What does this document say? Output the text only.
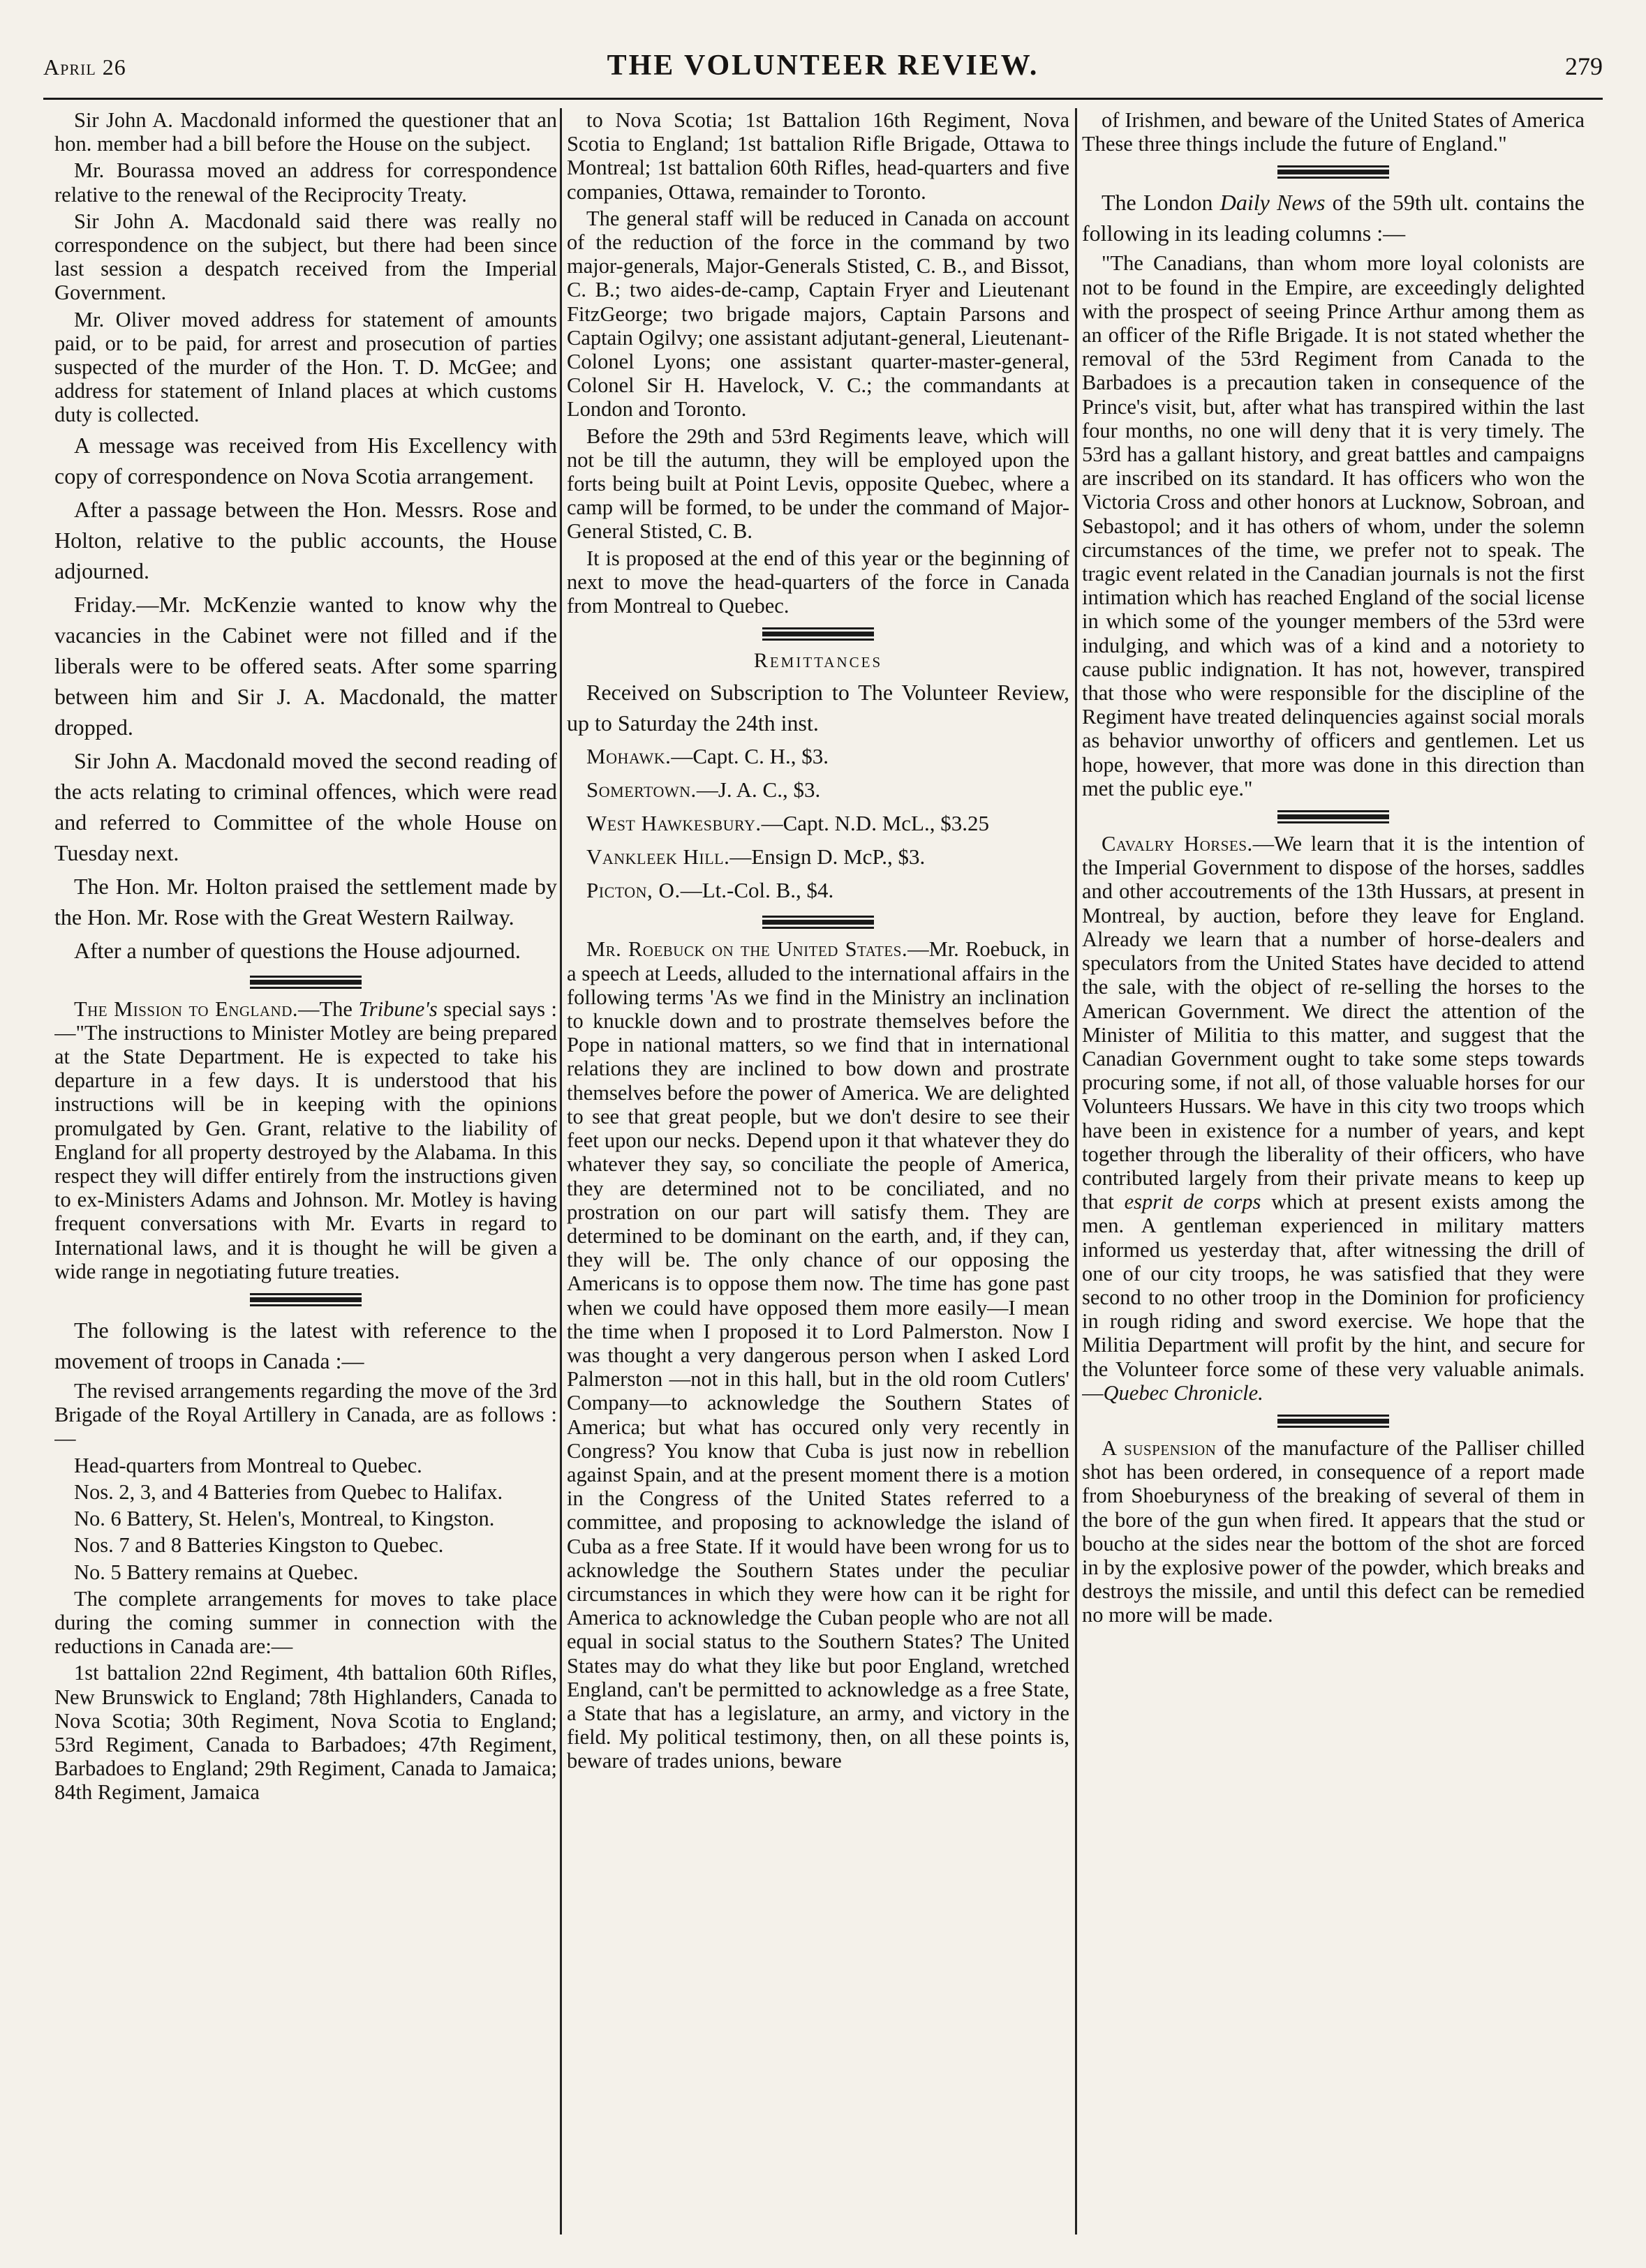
April 26	THE VOLUNTEER REVIEW.	279

Sir John A. Macdonald informed the questioner that an hon. member had a bill before the House on the subject.

Mr. Bourassa moved an address for correspondence relative to the renewal of the Reciprocity Treaty.

Sir John A. Macdonald said there was really no correspondence on the subject, but there had been since last session a despatch received from the Imperial Government.

Mr. Oliver moved address for statement of amounts paid, or to be paid, for arrest and prosecution of parties suspected of the murder of the Hon. T. D. McGee; and address for statement of Inland places at which customs duty is collected.

A message was received from His Excellency with copy of correspondence on Nova Scotia arrangement.

After a passage between the Hon. Messrs. Rose and Holton, relative to the public accounts, the House adjourned.

Friday.—Mr. McKenzie wanted to know why the vacancies in the Cabinet were not filled and if the liberals were to be offered seats. After some sparring between him and Sir J. A. Macdonald, the matter dropped.

Sir John A. Macdonald moved the second reading of the acts relating to criminal offences, which were read and referred to Committee of the whole House on Tuesday next.

The Hon. Mr. Holton praised the settlement made by the Hon. Mr. Rose with the Great Western Railway.

After a number of questions the House adjourned.

The Mission to England.—The Tribune's special says :—"The instructions to Minister Motley are being prepared at the State Department. He is expected to take his departure in a few days. It is understood that his instructions will be in keeping with the opinions promulgated by Gen. Grant, relative to the liability of England for all property destroyed by the Alabama. In this respect they will differ entirely from the instructions given to ex-Ministers Adams and Johnson. Mr. Motley is having frequent conversations with Mr. Evarts in regard to International laws, and it is thought he will be given a wide range in negotiating future treaties.

The following is the latest with reference to the movement of troops in Canada :—

The revised arrangements regarding the move of the 3rd Brigade of the Royal Artillery in Canada, are as follows :—

Head-quarters from Montreal to Quebec.

Nos. 2, 3, and 4 Batteries from Quebec to Halifax.

No. 6 Battery, St. Helen's, Montreal, to Kingston.

Nos. 7 and 8 Batteries Kingston to Quebec.

No. 5 Battery remains at Quebec.

The complete arrangements for moves to take place during the coming summer in connection with the reductions in Canada are:—

1st battalion 22nd Regiment, 4th battalion 60th Rifles, New Brunswick to England; 78th Highlanders, Canada to Nova Scotia; 30th Regiment, Nova Scotia to England; 53rd Regiment, Canada to Barbadoes; 47th Regiment, Barbadoes to England; 29th Regiment, Canada to Jamaica; 84th Regiment, Jamaica

to Nova Scotia; 1st Battalion 16th Regiment, Nova Scotia to England; 1st battalion Rifle Brigade, Ottawa to Montreal; 1st battalion 60th Rifles, head-quarters and five companies, Ottawa, remainder to Toronto.

The general staff will be reduced in Canada on account of the reduction of the force in the command by two major-generals, Major-Generals Stisted, C. B., and Bissot, C. B.; two aides-de-camp, Captain Fryer and Lieutenant FitzGeorge; two brigade majors, Captain Parsons and Captain Ogilvy; one assistant adjutant-general, Lieutenant-Colonel Lyons; one assistant quarter-master-general, Colonel Sir H. Havelock, V. C.; the commandants at London and Toronto.

Before the 29th and 53rd Regiments leave, which will not be till the autumn, they will be employed upon the forts being built at Point Levis, opposite Quebec, where a camp will be formed, to be under the command of Major-General Stisted, C. B.

It is proposed at the end of this year or the beginning of next to move the head-quarters of the force in Canada from Montreal to Quebec.

Remittances

Received on Subscription to The Volunteer Review, up to Saturday the 24th inst.

Mohawk.—Capt. C. H., $3.

Somertown.—J. A. C., $3.

West Hawkesbury.—Capt. N.D. McL., $3.25

Vankleek Hill.—Ensign D. McP., $3.

Picton, O.—Lt.-Col. B., $4.

Mr. Roebuck on the United States.—Mr. Roebuck, in a speech at Leeds, alluded to the international affairs in the following terms 'As we find in the Ministry an inclination to knuckle down and to prostrate themselves before the Pope in national matters, so we find that in international relations they are inclined to bow down and prostrate themselves before the power of America. We are delighted to see that great people, but we don't desire to see their feet upon our necks. Depend upon it that whatever they do whatever they say, so conciliate the people of America, they are determined not to be conciliated, and no prostration on our part will satisfy them. They are determined to be dominant on the earth, and, if they can, they will be. The only chance of our opposing the Americans is to oppose them now. The time has gone past when we could have opposed them more easily—I mean the time when I proposed it to Lord Palmerston. Now I was thought a very dangerous person when I asked Lord Palmerston —not in this hall, but in the old room Cutlers' Company—to acknowledge the Southern States of America; but what has occured only very recently in Congress? You know that Cuba is just now in rebellion against Spain, and at the present moment there is a motion in the Congress of the United States referred to a committee, and proposing to acknowledge the island of Cuba as a free State. If it would have been wrong for us to acknowledge the Southern States under the peculiar circumstances in which they were how can it be right for America to acknowledge the Cuban people who are not all equal in social status to the Southern States? The United States may do what they like but poor England, wretched England, can't be permitted to acknowledge as a free State, a State that has a legislature, an army, and victory in the field. My political testimony, then, on all these points is, beware of trades unions, beware

of Irishmen, and beware of the United States of America These three things include the future of England."

The London Daily News of the 59th ult. contains the following in its leading columns :—

"The Canadians, than whom more loyal colonists are not to be found in the Empire, are exceedingly delighted with the prospect of seeing Prince Arthur among them as an officer of the Rifle Brigade. It is not stated whether the removal of the 53rd Regiment from Canada to the Barbadoes is a precaution taken in consequence of the Prince's visit, but, after what has transpired within the last four months, no one will deny that it is very timely. The 53rd has a gallant history, and great battles and campaigns are inscribed on its standard. It has officers who won the Victoria Cross and other honors at Lucknow, Sobroan, and Sebastopol; and it has others of whom, under the solemn circumstances of the time, we prefer not to speak. The tragic event related in the Canadian journals is not the first intimation which has reached England of the social license in which some of the younger members of the 53rd were indulging, and which was of a kind and a notoriety to cause public indignation. It has not, however, transpired that those who were responsible for the discipline of the Regiment have treated delinquencies against social morals as behavior unworthy of officers and gentlemen. Let us hope, however, that more was done in this direction than met the public eye."

Cavalry Horses.—We learn that it is the intention of the Imperial Government to dispose of the horses, saddles and other accoutrements of the 13th Hussars, at present in Montreal, by auction, before they leave for England. Already we learn that a number of horse-dealers and speculators from the United States have decided to attend the sale, with the object of re-selling the horses to the American Government. We direct the attention of the Minister of Militia to this matter, and suggest that the Canadian Government ought to take some steps towards procuring some, if not all, of those valuable horses for our Volunteers Hussars. We have in this city two troops which have been in existence for a number of years, and kept together through the liberality of their officers, who have contributed largely from their private means to keep up that esprit de corps which at present exists among the men. A gentleman experienced in military matters informed us yesterday that, after witnessing the drill of one of our city troops, he was satisfied that they were second to no other troop in the Dominion for proficiency in rough riding and sword exercise. We hope that the Militia Department will profit by the hint, and secure for the Volunteer force some of these very valuable animals.—Quebec Chronicle.

A suspension of the manufacture of the Palliser chilled shot has been ordered, in consequence of a report made from Shoeburyness of the breaking of several of them in the bore of the gun when fired. It appears that the stud or boucho at the sides near the bottom of the shot are forced in by the explosive power of the powder, which breaks and destroys the missile, and until this defect can be remedied no more will be made.
